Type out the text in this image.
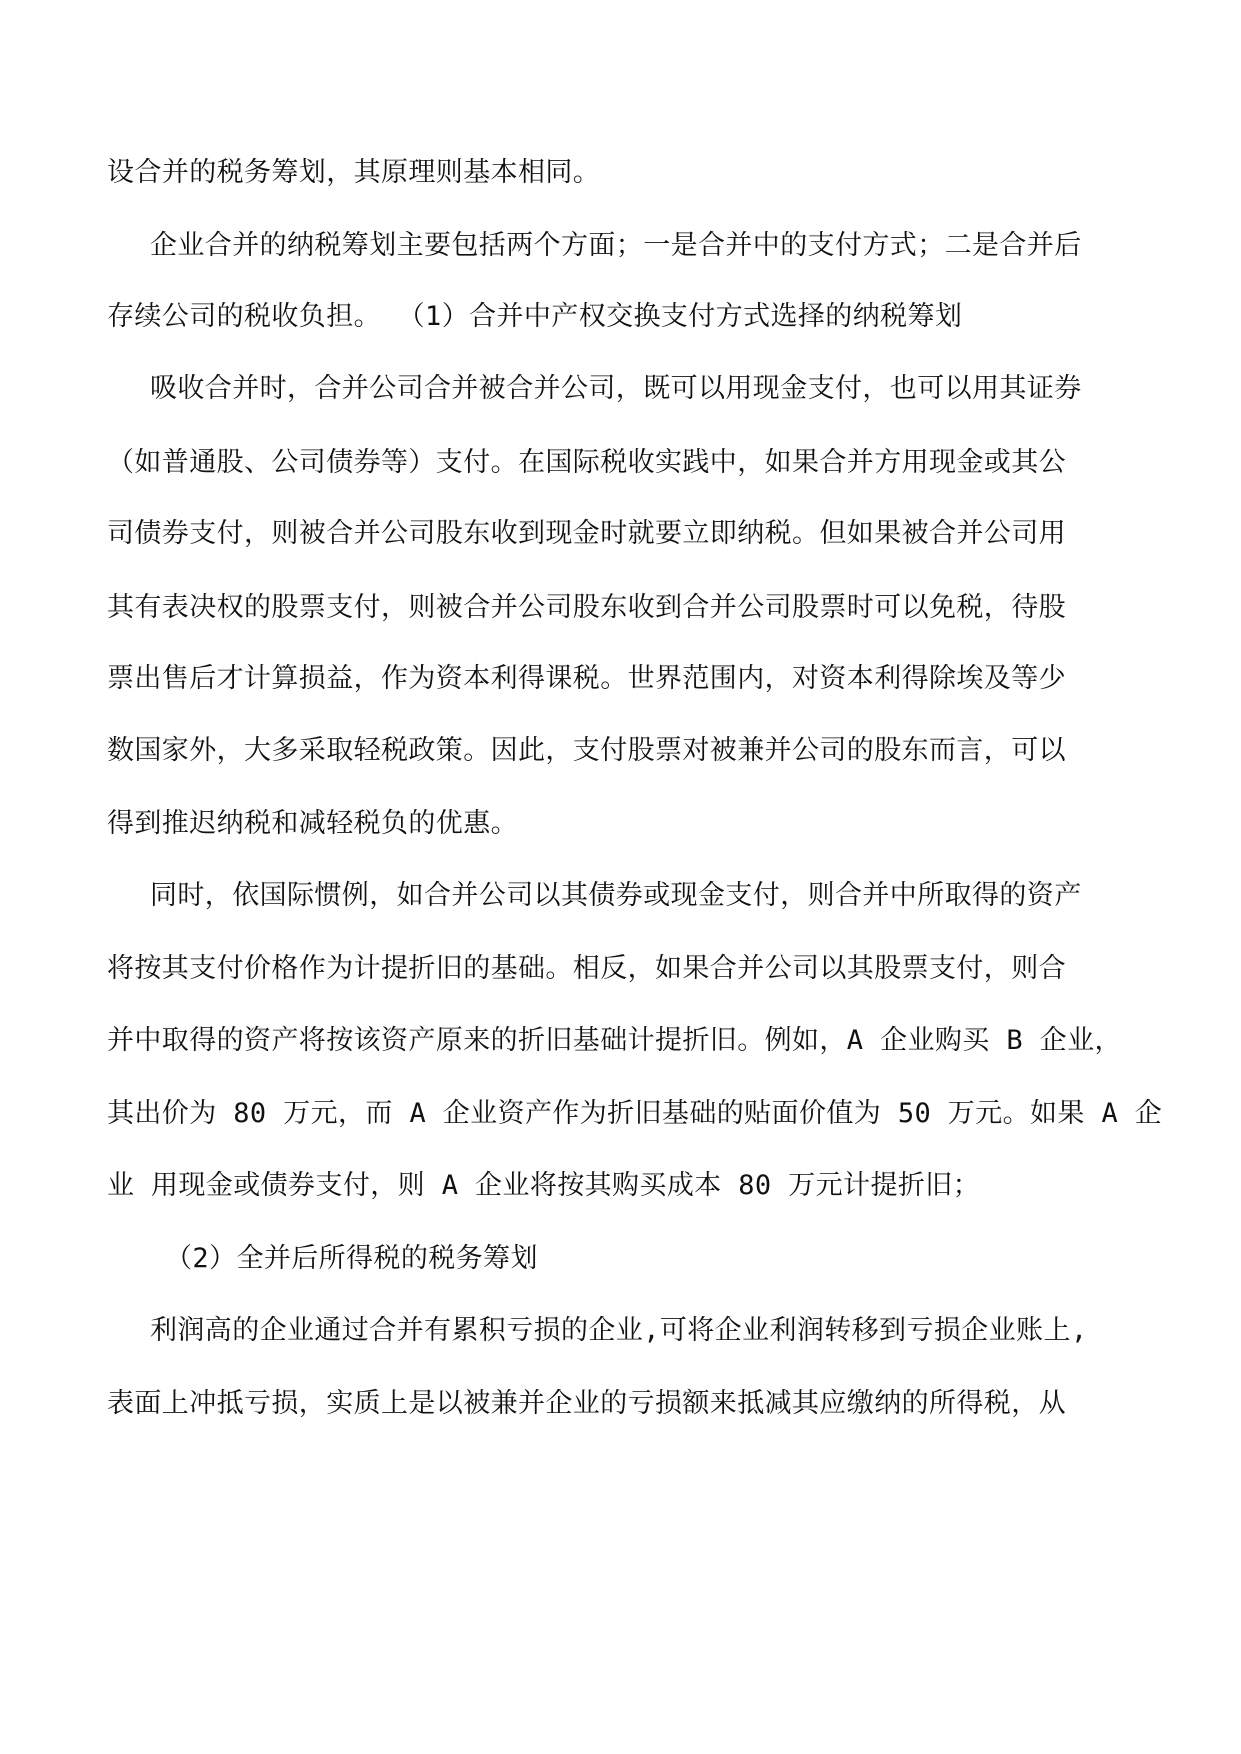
设合并的税务筹划，其原理则基本相同。
企业合并的纳税筹划主要包括两个方面；一是合并中的支付方式；二是合并后
存续公司的税收负担。 （1）合并中产权交换支付方式选择的纳税筹划
吸收合并时，合并公司合并被合并公司，既可以用现金支付，也可以用其证券
（如普通股、公司债券等）支付。在国际税收实践中，如果合并方用现金或其公
司债券支付，则被合并公司股东收到现金时就要立即纳税。但如果被合并公司用
其有表决权的股票支付，则被合并公司股东收到合并公司股票时可以免税，待股
票出售后才计算损益，作为资本利得课税。世界范围内，对资本利得除埃及等少
数国家外，大多采取轻税政策。因此，支付股票对被兼并公司的股东而言，可以
得到推迟纳税和减轻税负的优惠。
同时，依国际惯例，如合并公司以其债券或现金支付，则合并中所取得的资产
将按其支付价格作为计提折旧的基础。相反，如果合并公司以其股票支付，则合
并中取得的资产将按该资产原来的折旧基础计提折旧。例如，A 企业购买 B 企业，
其出价为 80 万元，而 A 企业资产作为折旧基础的贴面价值为 50 万元。如果 A 企
业 用现金或债券支付，则 A 企业将按其购买成本 80 万元计提折旧；
（2）全并后所得税的税务筹划
利润高的企业通过合并有累积亏损的企业,可将企业利润转移到亏损企业账上,
表面上冲抵亏损，实质上是以被兼并企业的亏损额来抵减其应缴纳的所得税，从
